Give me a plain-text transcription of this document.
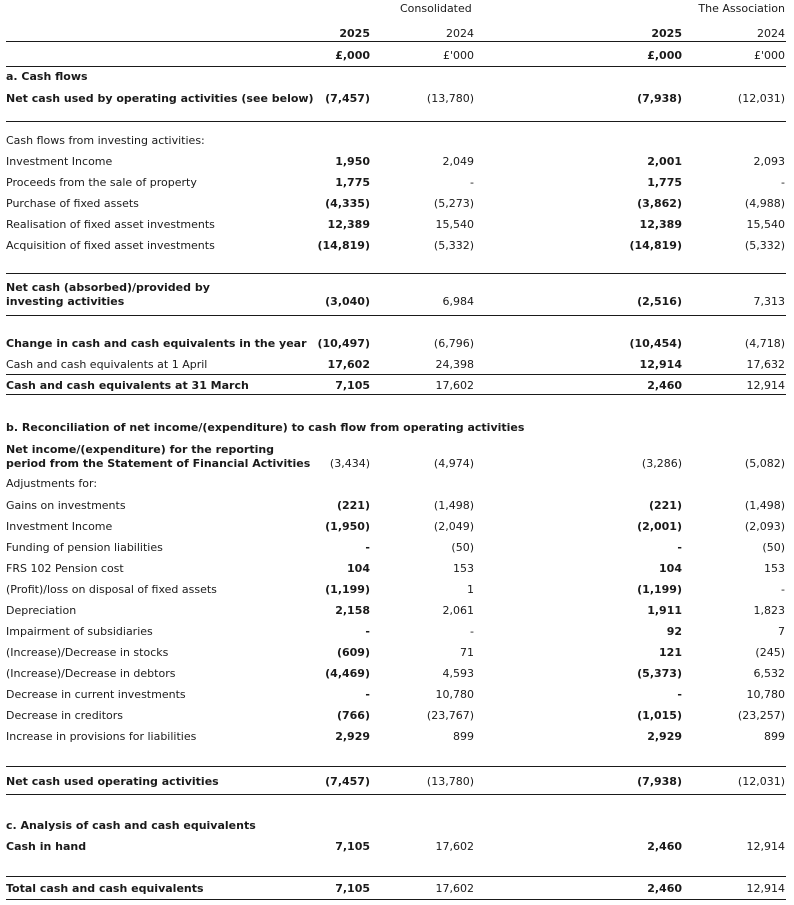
Consolidated	The Association
2025	2024	2025	2024
£,000	£'000	£,000	£'000
a. Cash flows
Net cash used by operating activities (see below) (7,457)	(13,780)	(7,938)	(12,031)
Cash flows from investing activities:
Investment Income	1,950	2,049	2,001	2,093
Proceeds from the sale of property	1,775	-	1,775	-
Purchase of fixed assets	(4,335)	(5,273)	(3,862)	(4,988)
Realisation of fixed asset investments	12,389	15,540	12,389	15,540
Acquisition of fixed asset investments	(14,819)	(5,332)	(14,819)	(5,332)
Net cash (absorbed)/provided by
investing activities	(3,040)	6,984	(2,516)	7,313
Change in cash and cash equivalents in the year (10,497)	(6,796)	(10,454)	(4,718)
Cash and cash equivalents at 1 April	17,602	24,398	12,914	17,632
Cash and cash equivalents at 31 March	7,105	17,602	2,460	12,914
b. Reconciliation of net income/(expenditure) to cash flow from operating activities
Net income/(expenditure) for the reporting
period from the Statement of Financial Activities (3,434)	(4,974)	(3,286)	(5,082)
Adjustments for:
Gains on investments	(221)	(1,498)	(221)	(1,498)
Investment Income	(1,950)	(2,049)	(2,001)	(2,093)
Funding of pension liabilities	-	(50)	-	(50)
FRS 102 Pension cost	104	153	104	153
(Profit)/loss on disposal of fixed assets	(1,199)	1	(1,199)	-
Depreciation	2,158	2,061	1,911	1,823
Impairment of subsidiaries	-	-	92	7
(Increase)/Decrease in stocks	(609)	71	121	(245)
(Increase)/Decrease in debtors	(4,469)	4,593	(5,373)	6,532
Decrease in current investments	-	10,780	-	10,780
Decrease in creditors	(766)	(23,767)	(1,015)	(23,257)
Increase in provisions for liabilities	2,929	899	2,929	899
Net cash used operating activities	(7,457)	(13,780)	(7,938)	(12,031)
c. Analysis of cash and cash equivalents
Cash in hand	7,105	17,602	2,460	12,914
Total cash and cash equivalents	7,105	17,602	2,460	12,914
